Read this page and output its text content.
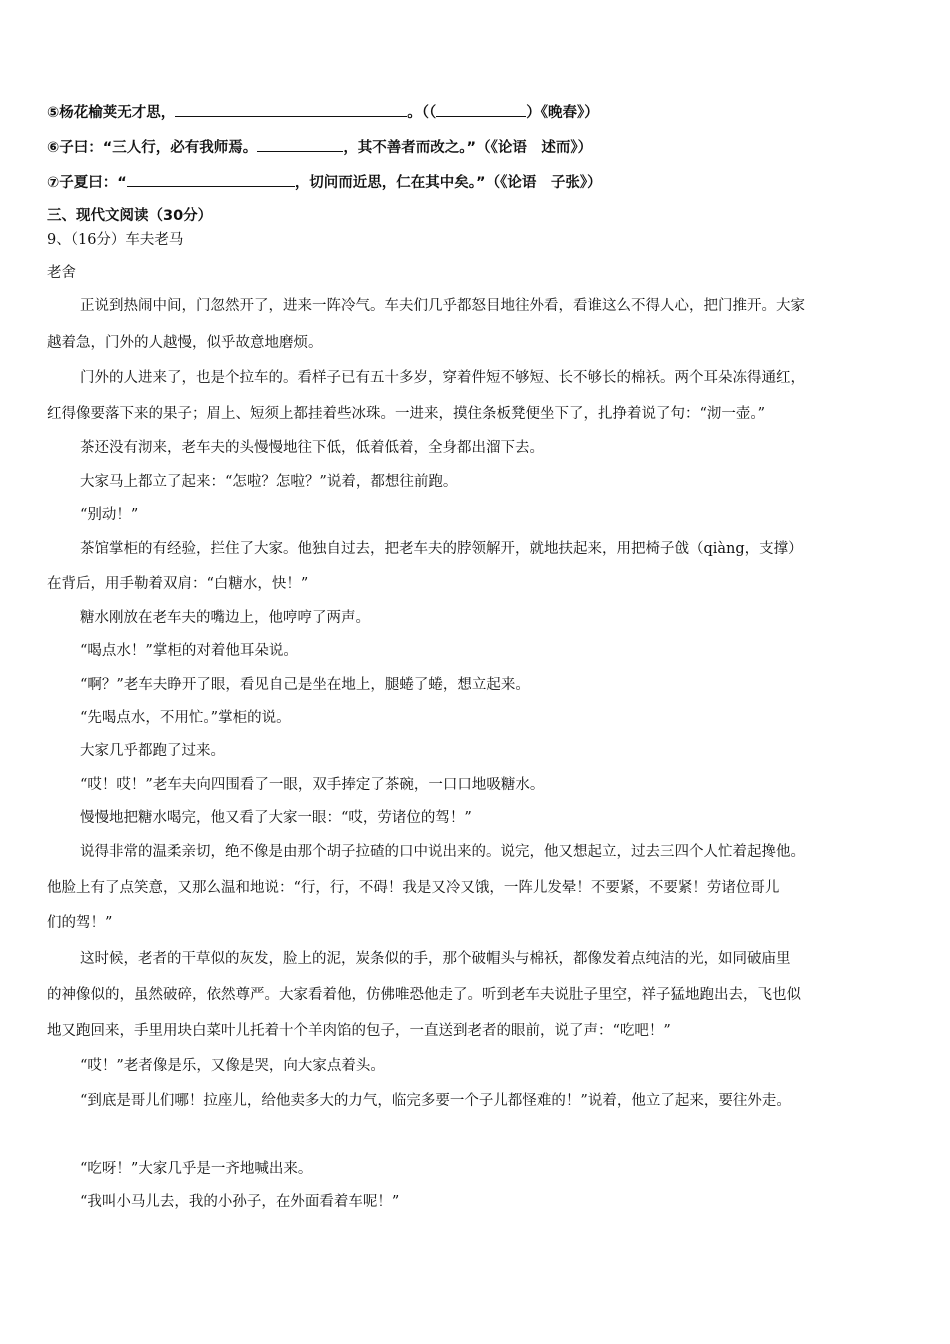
⑤杨花榆荚无才思，	。（（	）《晚春》）
⑥子曰：“三人行，必有我师焉。	，其不善者而改之。”（《论语　述而》）
⑦子夏曰：“	，切问而近思，仁在其中矣。”（《论语　子张》）
三、现代文阅读（30分）
9、（16分）车夫老马
老舍
正说到热闹中间，门忽然开了，进来一阵冷气。车夫们几乎都怒目地往外看，看谁这么不得人心，把门推开。大家
越着急，门外的人越慢，似乎故意地磨烦。
门外的人进来了，也是个拉车的。看样子已有五十多岁，穿着件短不够短、长不够长的棉袄。两个耳朵冻得通红，
红得像要落下来的果子；眉上、短须上都挂着些冰珠。一进来，摸住条板凳便坐下了，扎挣着说了句：“沏一壶。”
茶还没有沏来，老车夫的头慢慢地往下低，低着低着，全身都出溜下去。
大家马上都立了起来：“怎啦？怎啦？”说着，都想往前跑。
“别动！”
茶馆掌柜的有经验，拦住了大家。他独自过去，把老车夫的脖领解开，就地扶起来，用把椅子戗（qiàng，支撑）
在背后，用手勒着双肩：“白糖水，快！”
糖水刚放在老车夫的嘴边上，他哼哼了两声。
“喝点水！”掌柜的对着他耳朵说。
“啊？”老车夫睁开了眼，看见自己是坐在地上，腿蜷了蜷，想立起来。
“先喝点水，不用忙。”掌柜的说。
大家几乎都跑了过来。
“哎！哎！”老车夫向四围看了一眼，双手捧定了茶碗，一口口地吸糖水。
慢慢地把糖水喝完，他又看了大家一眼：“哎，劳诸位的驾！”
说得非常的温柔亲切，绝不像是由那个胡子拉碴的口中说出来的。说完，他又想起立，过去三四个人忙着起搀他。
他脸上有了点笑意，又那么温和地说：“行，行，不碍！我是又冷又饿，一阵儿发晕！不要紧，不要紧！劳诸位哥儿
们的驾！”
这时候，老者的干草似的灰发，脸上的泥，炭条似的手，那个破帽头与棉袄，都像发着点纯洁的光，如同破庙里
的神像似的，虽然破碎，依然尊严。大家看着他，仿佛唯恐他走了。听到老车夫说肚子里空，祥子猛地跑出去，飞也似
地又跑回来，手里用块白菜叶儿托着十个羊肉馅的包子，一直送到老者的眼前，说了声：“吃吧！”
“哎！”老者像是乐，又像是哭，向大家点着头。
“到底是哥儿们哪！拉座儿，给他卖多大的力气，临完多要一个子儿都怪难的！”说着，他立了起来，要往外走。
“吃呀！”大家几乎是一齐地喊出来。
“我叫小马儿去，我的小孙子，在外面看着车呢！”
